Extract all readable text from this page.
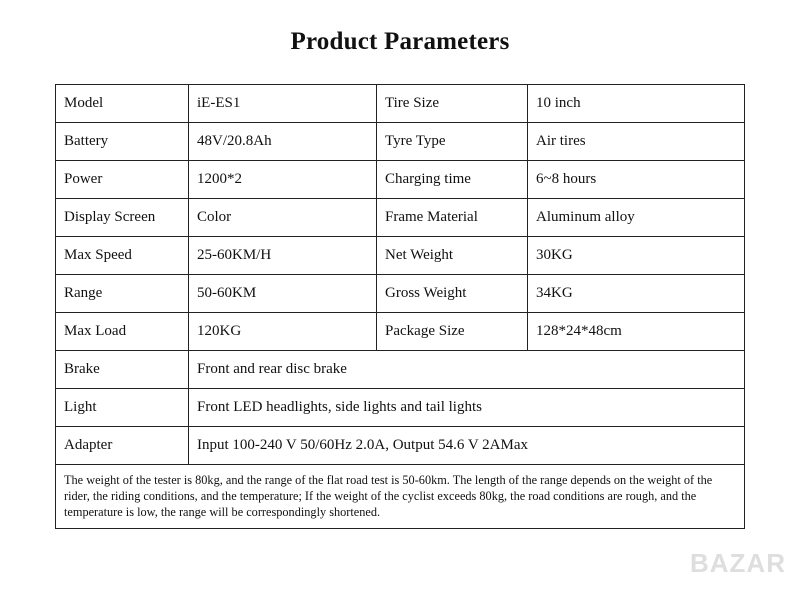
Product Parameters
Model	iE-ES1	Tire Size	10 inch
Battery	48V/20.8Ah	Tyre Type	Air tires
Power	1200*2	Charging time	6~8 hours
Display Screen	Color	Frame Material	Aluminum alloy
Max Speed	25-60KM/H	Net Weight	30KG
Range	50-60KM	Gross Weight	34KG
Max Load	120KG	Package Size	128*24*48cm
Brake	Front and rear disc brake		
Light	Front LED headlights, side lights and tail lights		
Adapter	Input 100-240 V 50/60Hz 2.0A, Output 54.6 V 2AMax		
The weight of the tester is 80kg, and the range of the flat road test is 50-60km. The length of the range depends on the weight of the rider, the riding conditions, and the temperature; If the weight of the cyclist exceeds 80kg, the road conditions are rough, and the temperature is low, the range will be correspondingly shortened.			
BAZAR
